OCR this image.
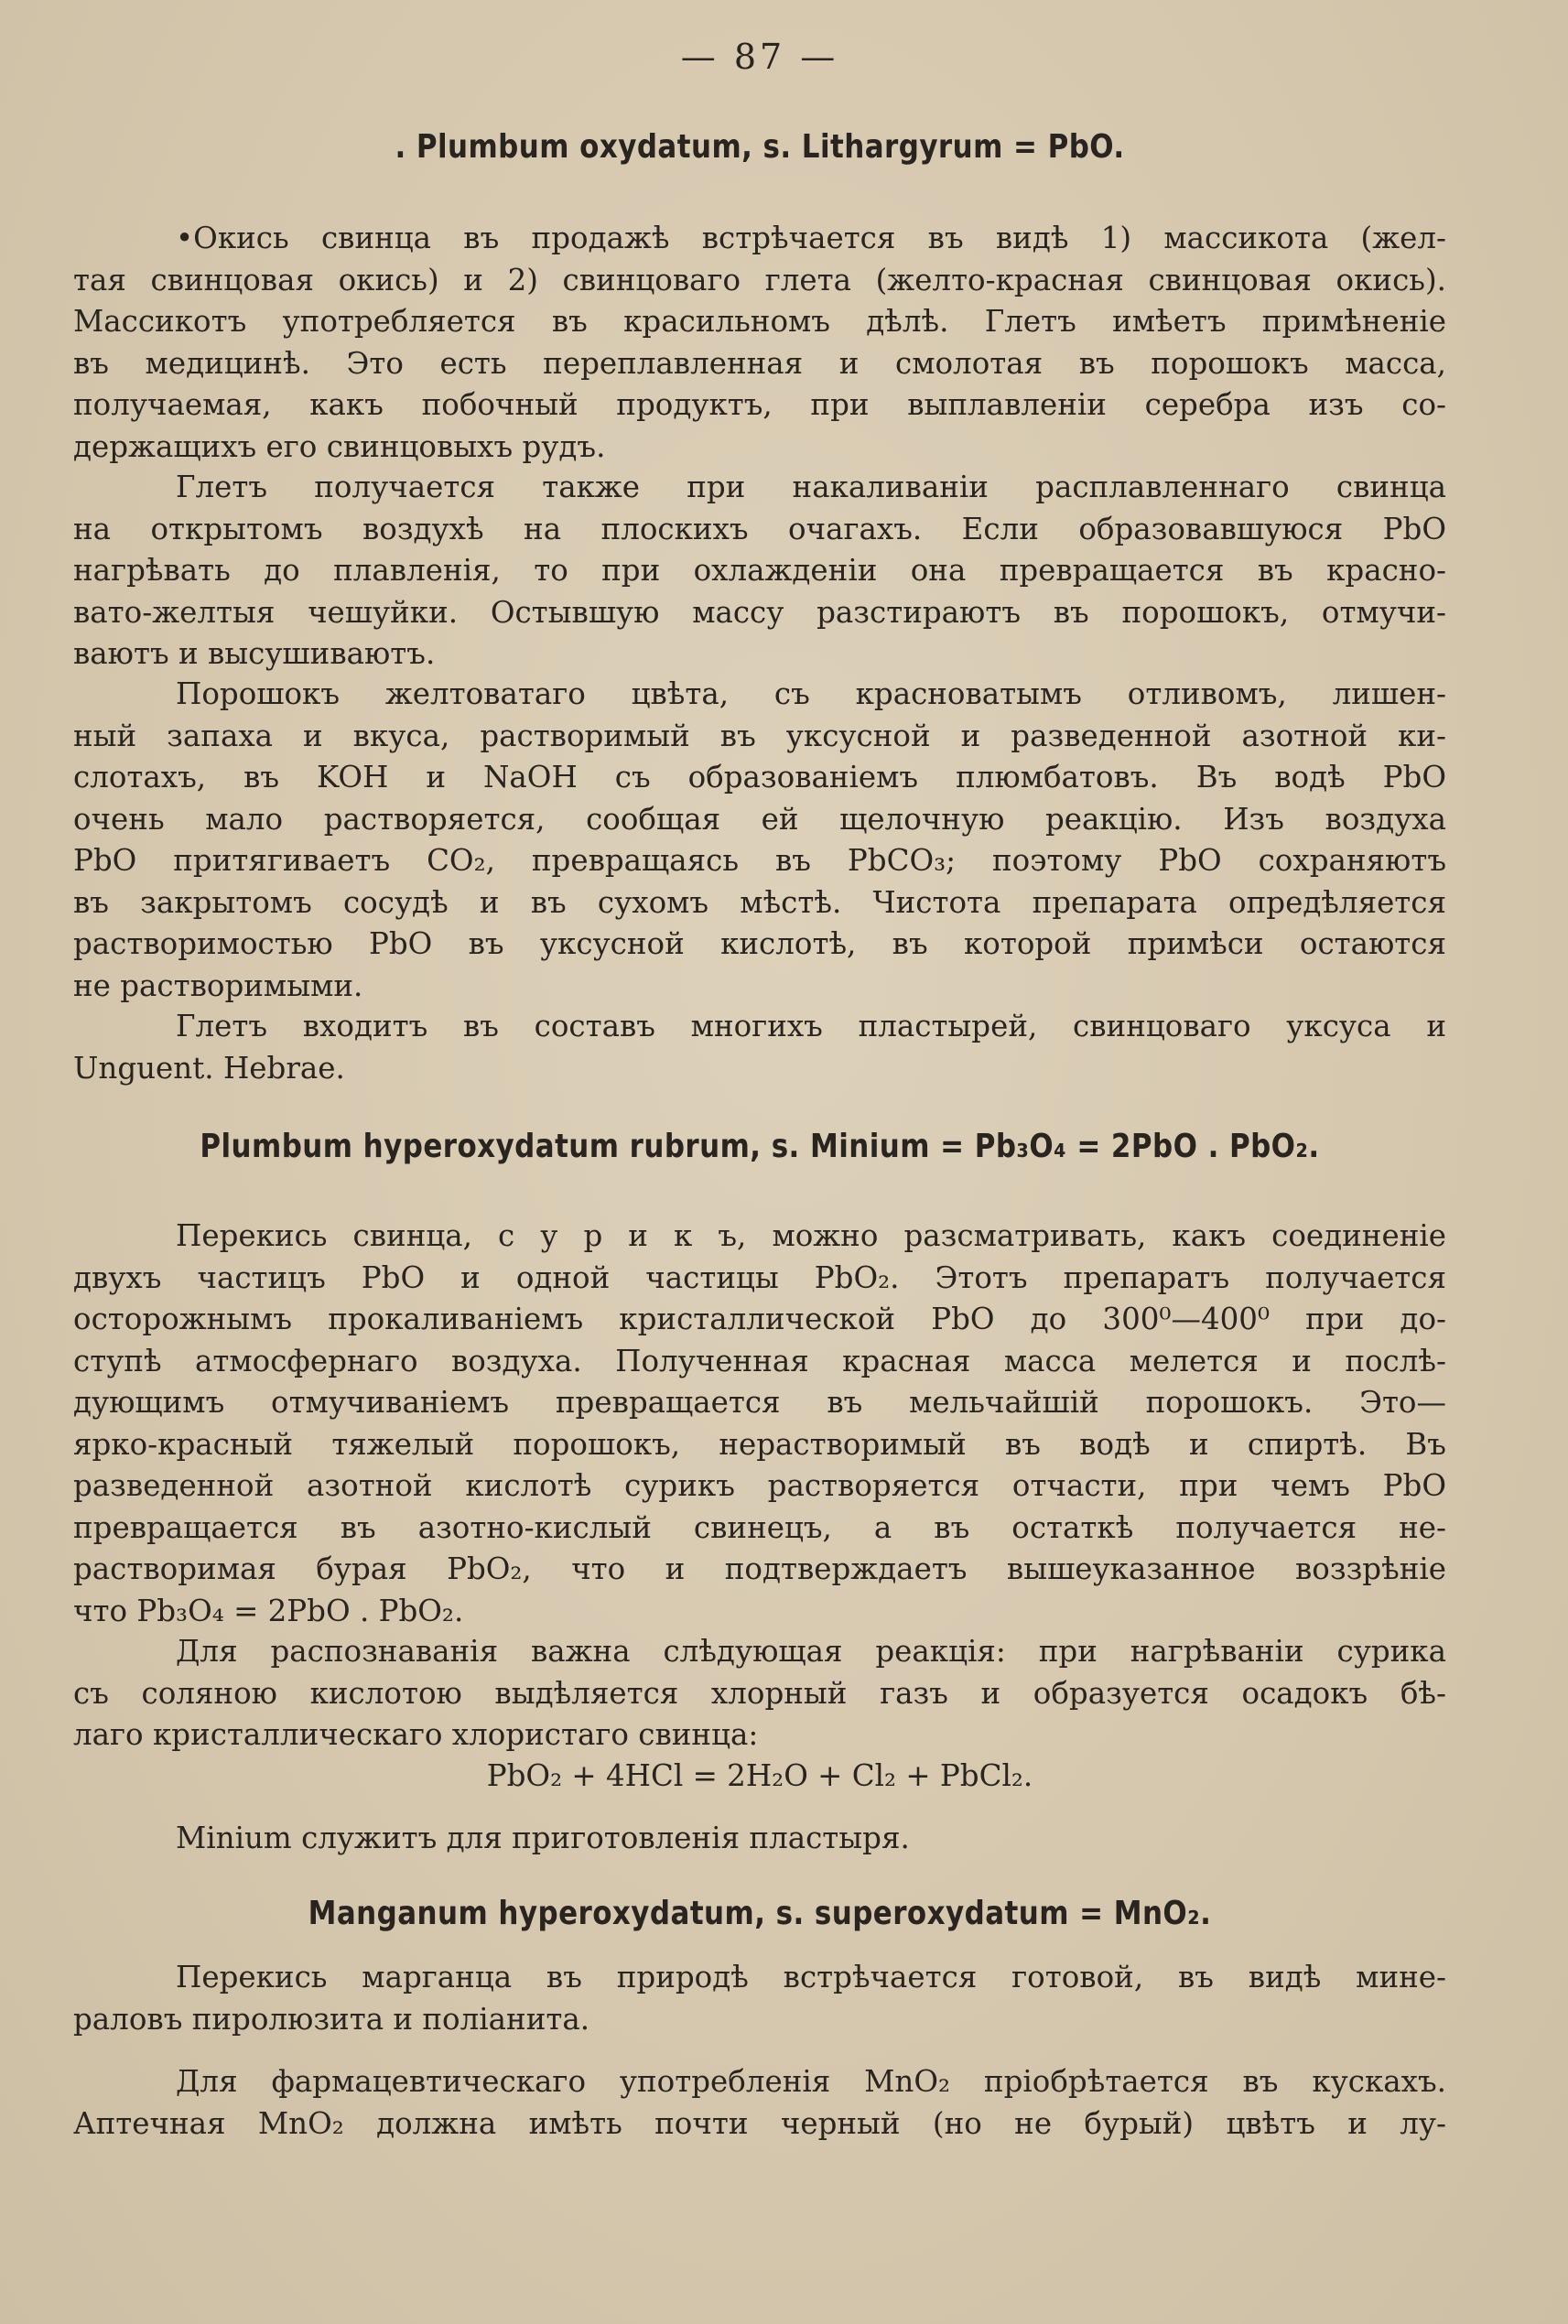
— 87 —
. Plumbum oxydatum, s. Lithargyrum = PbO.
•Окись свинца въ продажѣ встрѣчается въ видѣ 1) массикота (жел-
тая свинцовая окись) и 2) свинцоваго глета (желто-красная свинцовая окись).
Массикотъ употребляется въ красильномъ дѣлѣ. Глетъ имѣетъ примѣненіе
въ медицинѣ. Это есть переплавленная и смолотая въ порошокъ масса,
получаемая, какъ побочный продуктъ, при выплавленіи серебра изъ со-
держащихъ его свинцовыхъ рудъ.
Глетъ получается также при накаливаніи расплавленнаго свинца
на открытомъ воздухѣ на плоскихъ очагахъ. Если образовавшуюся PbO
нагрѣвать до плавленія, то при охлажденіи она превращается въ красно-
вато-желтыя чешуйки. Остывшую массу разстираютъ въ порошокъ, отмучи-
ваютъ и высушиваютъ.
Порошокъ желтоватаго цвѣта, съ красноватымъ отливомъ, лишен-
ный запаха и вкуса, растворимый въ уксусной и разведенной азотной ки-
слотахъ, въ KOH и NaOH съ образованіемъ плюмбатовъ. Въ водѣ PbO
очень мало растворяется, сообщая ей щелочную реакцію. Изъ воздуха
PbO притягиваетъ CO₂, превращаясь въ PbCO₃; поэтому PbO сохраняютъ
въ закрытомъ сосудѣ и въ сухомъ мѣстѣ. Чистота препарата опредѣляется
растворимостью PbO въ уксусной кислотѣ, въ которой примѣси остаются
не растворимыми.
Глетъ входитъ въ составъ многихъ пластырей, свинцоваго уксуса и
Unguent. Hebrae.
Plumbum hyperoxydatum rubrum, s. Minium = Pb₃O₄ = 2PbO . PbO₂.
Перекись свинца, с у р и к ъ, можно разсматривать, какъ соединеніе
двухъ частицъ PbO и одной частицы PbO₂. Этотъ препаратъ получается
осторожнымъ прокаливаніемъ кристаллической PbO до 300⁰—400⁰ при до-
ступѣ атмосфернаго воздуха. Полученная красная масса мелется и послѣ-
дующимъ отмучиваніемъ превращается въ мельчайшій порошокъ. Это—
ярко-красный тяжелый порошокъ, нерастворимый въ водѣ и спиртѣ. Въ
разведенной азотной кислотѣ сурикъ растворяется отчасти, при чемъ PbO
превращается въ азотно-кислый свинецъ, а въ остаткѣ получается не-
растворимая бурая PbO₂, что и подтверждаетъ вышеуказанное воззрѣніе
что Pb₃O₄ = 2PbO . PbO₂.
Для распознаванія важна слѣдующая реакція: при нагрѣваніи сурика
съ соляною кислотою выдѣляется хлорный газъ и образуется осадокъ бѣ-
лаго кристаллическаго хлористаго свинца:
PbO₂ + 4HCl = 2H₂O + Cl₂ + PbCl₂.
Minium служитъ для приготовленія пластыря.
Manganum hyperoxydatum, s. superoxydatum = MnO₂.
Перекись марганца въ природѣ встрѣчается готовой, въ видѣ мине-
раловъ пиролюзита и поліанита.
Для фармацевтическаго употребленія MnO₂ пріобрѣтается въ кускахъ.
Аптечная MnO₂ должна имѣть почти черный (но не бурый) цвѣтъ и лу-
